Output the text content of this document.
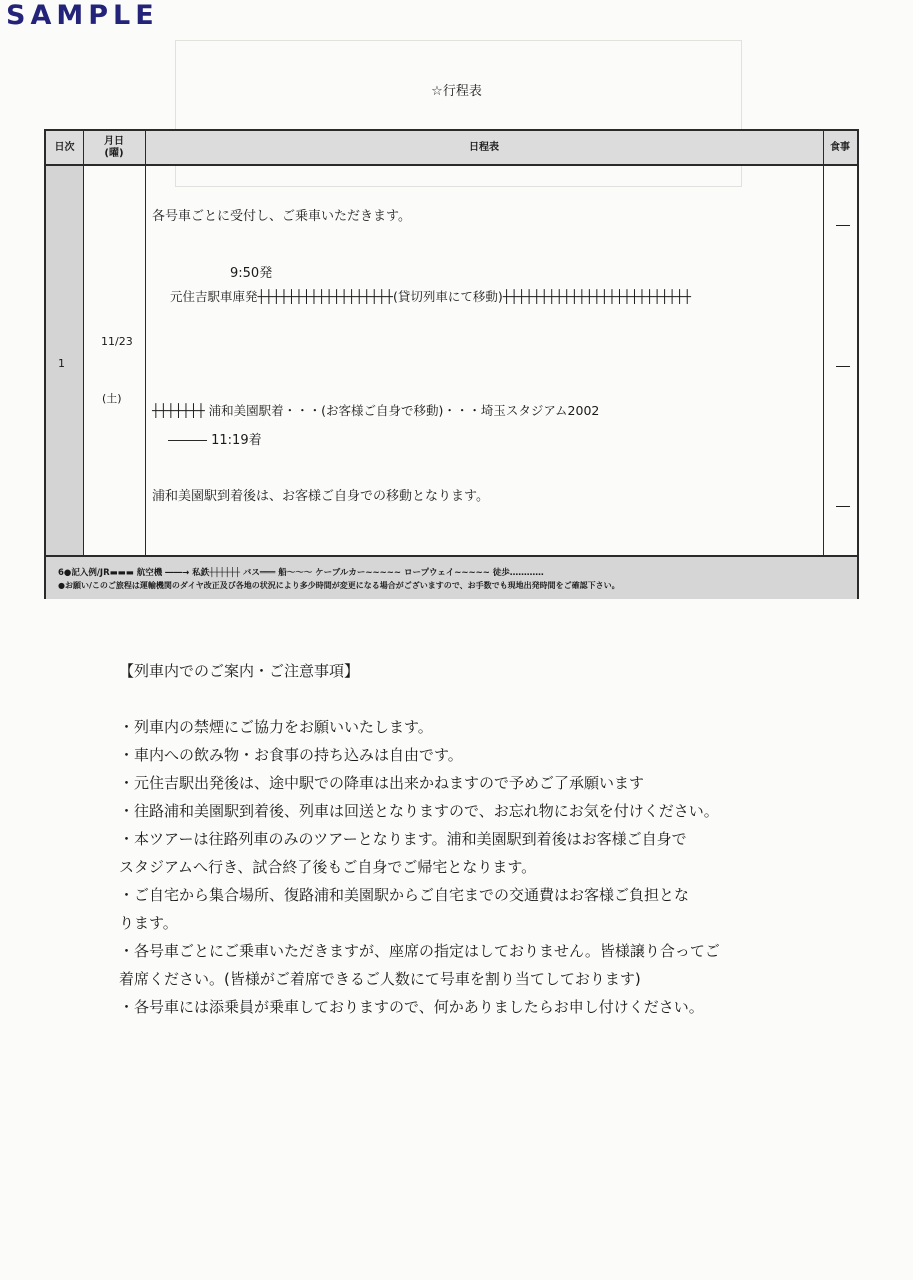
SAMPLE
☆行程表
日次
月日
(曜)
日程表	食事
1
11/23
(土)
各号車ごとに受付し、ご乗車いただきます。
9:50発
元住吉駅車庫発┼┼┼┼┼┼┼┼┼┼┼┼┼┼┼┼┼┼(貸切列車にて移動)┼┼┼┼┼┼┼┼┼┼┼┼┼┼┼┼┼┼┼┼┼┼┼┼┼
┼┼┼┼┼┼┼ 浦和美園駅着・・・(お客様ご自身で移動)・・・埼玉スタジアム2002
――― 11:19着
浦和美園駅到着後は、お客様ご自身での移動となります。
6●記入例/JR▬▬▬ 航空機 ――→ 私鉄┼┼┼┼┼┼ バス═══ 船〜〜〜 ケーブルカー~~~~~ ロープウェイ~~~~~ 徒歩…………
●お願い/このご旅程は運輸機関のダイヤ改正及び各地の状況により多少時間が変更になる場合がございますので、お手数でも現地出発時間をご確認下さい。
【列車内でのご案内・ご注意事項】
・列車内の禁煙にご協力をお願いいたします。
・車内への飲み物・お食事の持ち込みは自由です。
・元住吉駅出発後は、途中駅での降車は出来かねますので予めご了承願います
・往路浦和美園駅到着後、列車は回送となりますので、お忘れ物にお気を付けください。
・本ツアーは往路列車のみのツアーとなります。浦和美園駅到着後はお客様ご自身で
スタジアムへ行き、試合終了後もご自身でご帰宅となります。
・ご自宅から集合場所、復路浦和美園駅からご自宅までの交通費はお客様ご負担とな
ります。
・各号車ごとにご乗車いただきますが、座席の指定はしておりません。皆様譲り合ってご
着席ください。(皆様がご着席できるご人数にて号車を割り当てしております)
・各号車には添乗員が乗車しておりますので、何かありましたらお申し付けください。
